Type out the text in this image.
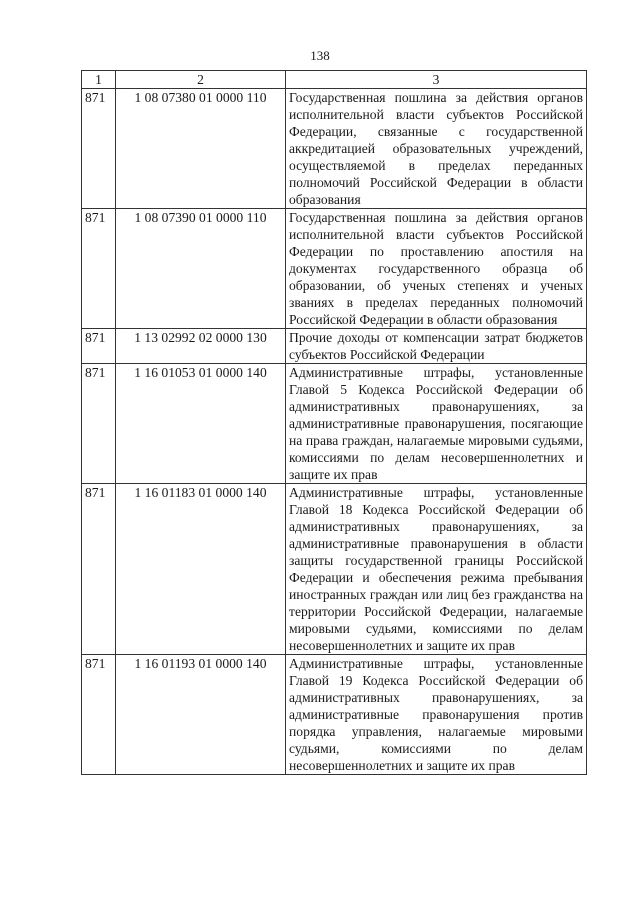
138
1	2	3
871	1 08 07380 01 0000 110	Государственная пошлина за действия органов исполнительной власти субъектов Российской Федерации, связанные с государственной аккредитацией образовательных учреждений, осуществляемой в пределах переданных полномочий Российской Федерации в области образования
871	1 08 07390 01 0000 110	Государственная пошлина за действия органов исполнительной власти субъектов Российской Федерации по проставлению апостиля на документах государственного образца об образовании, об ученых степенях и ученых званиях в пределах переданных полномочий Российской Федерации в области образования
871	1 13 02992 02 0000 130	Прочие доходы от компенсации затрат бюджетов субъектов Российской Федерации
871	1 16 01053 01 0000 140	Административные штрафы, установленные Главой 5 Кодекса Российской Федерации об административных правонарушениях, за административные правонарушения, посягающие на права граждан, налагаемые мировыми судьями, комиссиями по делам несовершеннолетних и защите их прав
871	1 16 01183 01 0000 140	Административные штрафы, установленные Главой 18 Кодекса Российской Федерации об административных правонарушениях, за административные правонарушения в области защиты государственной границы Российской Федерации и обеспечения режима пребывания иностранных граждан или лиц без гражданства на территории Российской Федерации, налагаемые мировыми судьями, комиссиями по делам несовершеннолетних и защите их прав
871	1 16 01193 01 0000 140	Административные штрафы, установленные Главой 19 Кодекса Российской Федерации об административных правонарушениях, за административные правонарушения против порядка управления, налагаемые мировыми судьями, комиссиями по делам несовершеннолетних и защите их прав
